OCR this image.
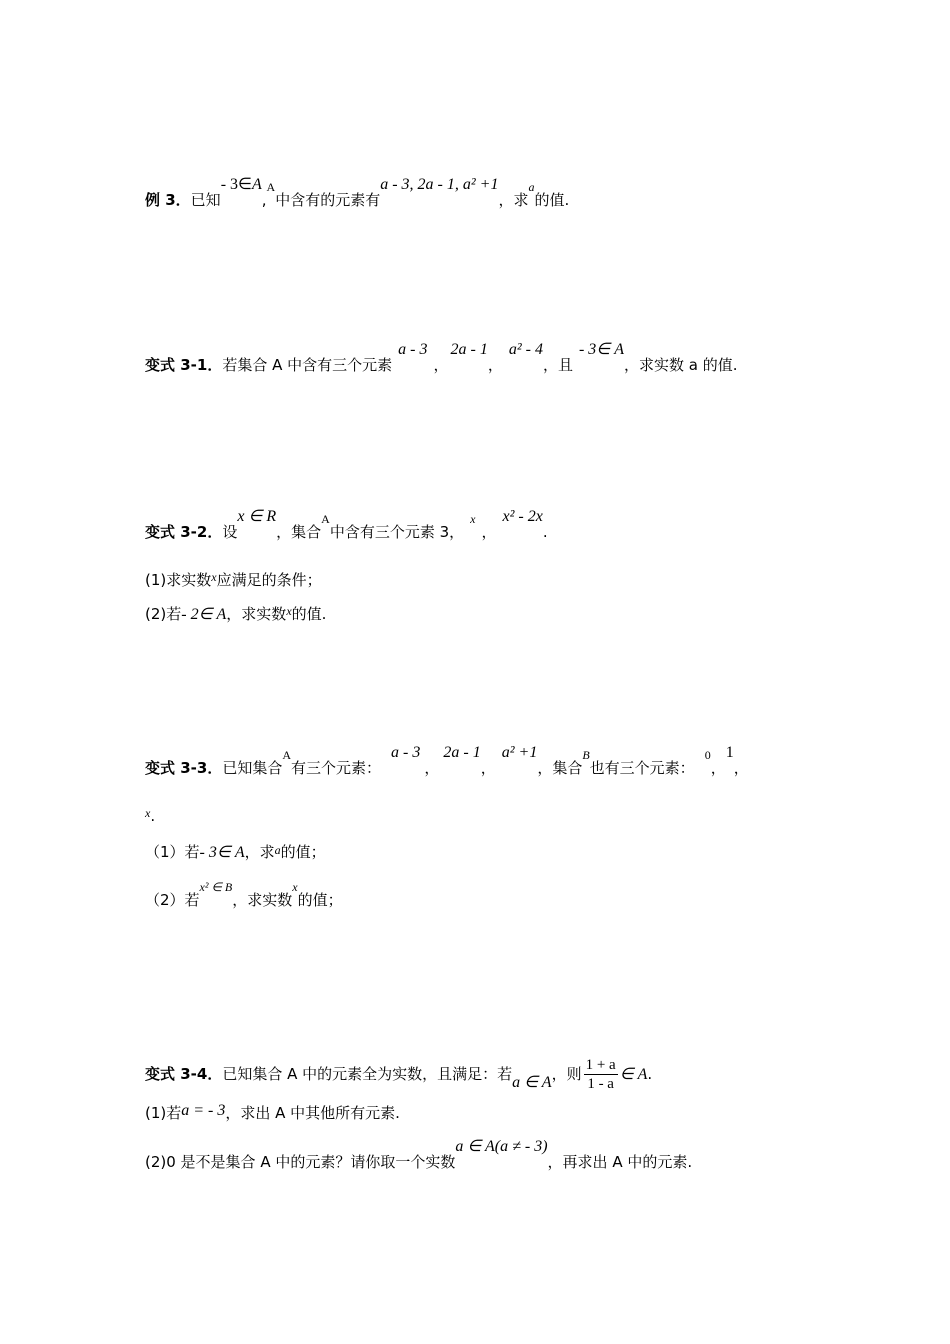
例 3．已知- 3∈A,$^A$中含有的元素有a - 3, 2a - 1, a² +1，求$^a$的值.
变式 3-1．若集合 A 中含有三个元素a - 3，2a - 1，a² - 4，且- 3∈ A，求实数 a 的值.
变式 3-2．设x ∈ R，集合$^A$中含有三个元素 3，$^x$，x² - 2x.
(1)求实数$^x$应满足的条件；
(2)若- 2∈ A，求实数$^x$的值.
变式 3-3．已知集合$^A$有三个元素：a - 3，2a - 1，a² +1，集合$^B$也有三个元素：$^0$，1，
$^x$.
（1）若- 3∈ A，求$^a$的值；
（2）若$^{x^2 \in B}$，求实数$^x$的值；
变式 3-4．已知集合 A 中的元素全为实数，且满足：若a ∈ A，则 $\frac{1 + a}{1 - a}$ ∈ A.
(1)若a = - 3，求出 A 中其他所有元素.
(2)0 是不是集合 A 中的元素？请你取一个实数a ∈ A(a ≠ - 3)，再求出 A 中的元素.
